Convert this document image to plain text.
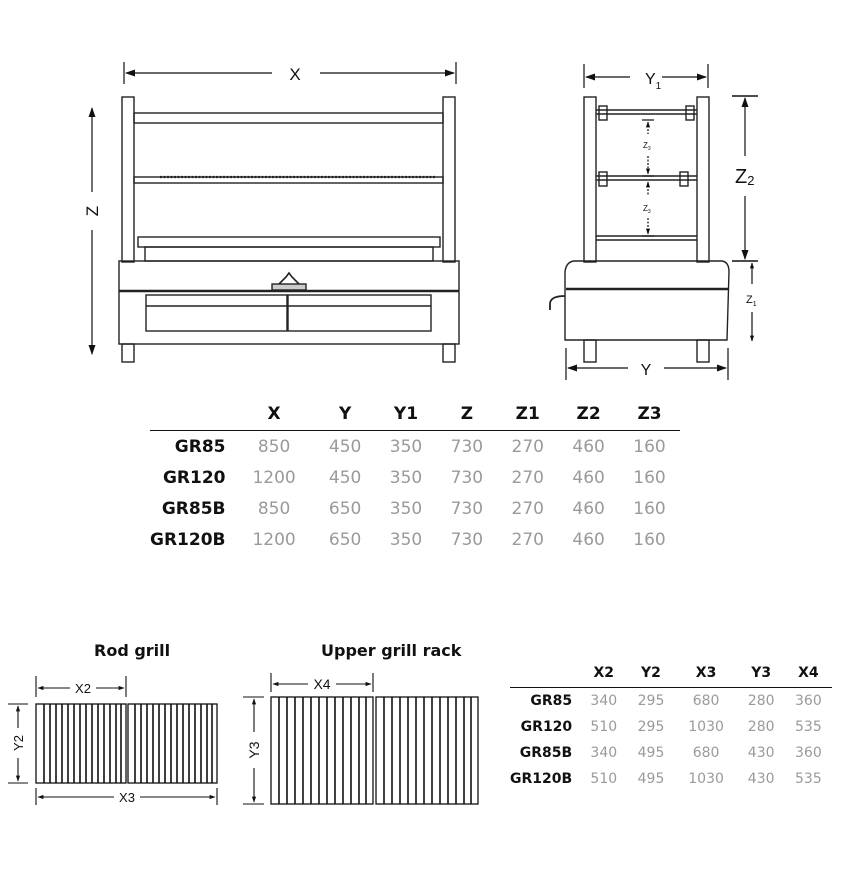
X
Z
$Y_1$
Y
Z2
$Z_1$
$Z_3$
$Z_3$
X2
X3
Y2
X4
Y3
Rod grill	Upper grill rack
	X	Y	Y1	Z	Z1	Z2	Z3
GR85	850	450	350	730	270	460	160
GR120	1200	450	350	730	270	460	160
GR85B	850	650	350	730	270	460	160
GR120B	1200	650	350	730	270	460	160
	X2	Y2	X3	Y3	X4
GR85	340	295	680	280	360
GR120	510	295	1030	280	535
GR85B	340	495	680	430	360
GR120B	510	495	1030	430	535
